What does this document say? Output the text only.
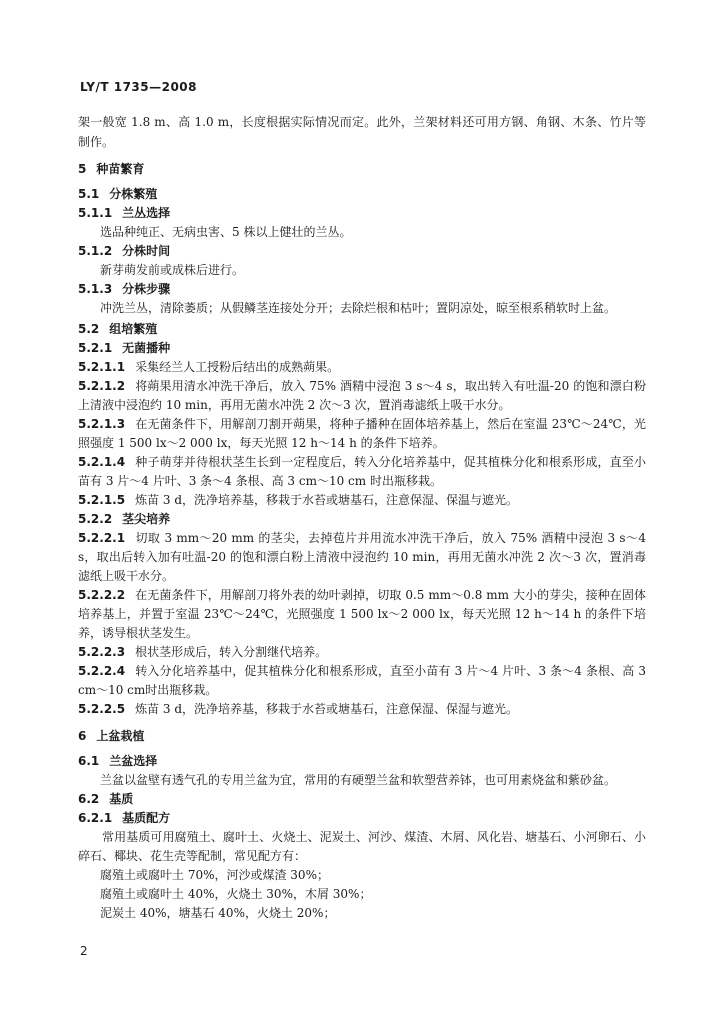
LY/T 1735—2008

架一般宽 1.8 m、高 1.0 m，长度根据实际情况而定。此外，兰架材料还可用方钢、角钢、木条、竹片等制作。

5 种苗繁育
5.1 分株繁殖
5.1.1 兰丛选择
选品种纯正、无病虫害、5 株以上健壮的兰丛。
5.1.2 分株时间
新芽萌发前或成株后进行。
5.1.3 分株步骤
冲洗兰丛，清除萎质；从假鳞茎连接处分开；去除烂根和枯叶；置阴凉处，晾至根系稍软时上盆。
5.2 组培繁殖
5.2.1 无菌播种
5.2.1.1 采集经兰人工授粉后结出的成熟蒴果。
5.2.1.2 将蒴果用清水冲洗干净后，放入 75% 酒精中浸泡 3 s～4 s，取出转入有吐温-20 的饱和漂白粉上清液中浸泡约 10 min，再用无菌水冲洗 2 次～3 次，置消毒滤纸上吸干水分。
5.2.1.3 在无菌条件下，用解剖刀割开蒴果，将种子播种在固体培养基上，然后在室温 23℃～24℃，光照强度 1 500 lx～2 000 lx，每天光照 12 h～14 h 的条件下培养。
5.2.1.4 种子萌芽并待根状茎生长到一定程度后，转入分化培养基中，促其植株分化和根系形成，直至小苗有 3 片～4 片叶、3 条～4 条根、高 3 cm～10 cm 时出瓶移栽。
5.2.1.5 炼苗 3 d，洗净培养基，移栽于水苔或塘基石，注意保湿、保温与遮光。
5.2.2 茎尖培养
5.2.2.1 切取 3 mm～20 mm 的茎尖，去掉苞片并用流水冲洗干净后，放入 75% 酒精中浸泡 3 s～4 s，取出后转入加有吐温-20 的饱和漂白粉上清液中浸泡约 10 min，再用无菌水冲洗 2 次～3 次，置消毒滤纸上吸干水分。
5.2.2.2 在无菌条件下，用解剖刀将外表的幼叶剥掉，切取 0.5 mm～0.8 mm 大小的芽尖，接种在固体培养基上，并置于室温 23℃～24℃，光照强度 1 500 lx～2 000 lx，每天光照 12 h～14 h 的条件下培养，诱导根状茎发生。
5.2.2.3 根状茎形成后，转入分割继代培养。
5.2.2.4 转入分化培养基中，促其植株分化和根系形成，直至小苗有 3 片～4 片叶、3 条～4 条根、高 3 cm～10 cm时出瓶移栽。
5.2.2.5 炼苗 3 d，洗净培养基，移栽于水苔或塘基石，注意保湿、保湿与遮光。
6 上盆栽植
6.1 兰盆选择
兰盆以盆壁有透气孔的专用兰盆为宜，常用的有硬塑兰盆和软塑营养钵，也可用素烧盆和紫砂盆。
6.2 基质
6.2.1 基质配方
常用基质可用腐殖土、腐叶土、火烧土、泥炭土、河沙、煤渣、木屑、风化岩、塘基石、小河卵石、小碎石、椰块、花生壳等配制，常见配方有：
腐殖土或腐叶土 70%，河沙或煤渣 30%；
腐殖土或腐叶土 40%，火烧土 30%，木屑 30%；
泥炭土 40%，塘基石 40%，火烧土 20%；
2
